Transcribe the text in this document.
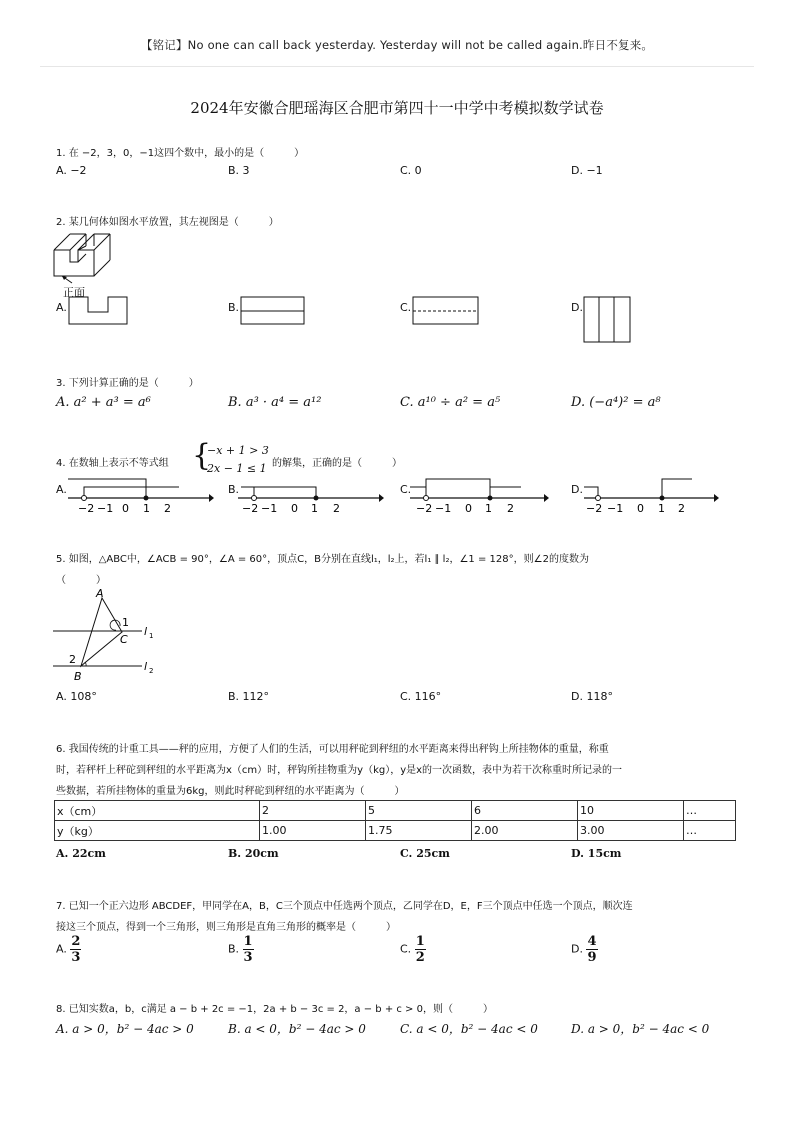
【铭记】No one can call back yesterday. Yesterday will not be called again.昨日不复来。
2024年安徽合肥瑶海区合肥市第四十一中学中考模拟数学试卷
1. 在 −2，3，0，−1这四个数中，最小的是（　　　）
A. −2	B. 3	C. 0	D. −1
2. 某几何体如图水平放置，其左视图是（　　　）
正面
A.	B.	C.	D.
3. 下列计算正确的是（　　　）
A. a² + a³ = a⁶	B. a³ · a⁴ = a¹²	C. a¹⁰ ÷ a² = a⁵	D. (−a⁴)² = a⁸
4. 在数轴上表示不等式组 {
−x + 1 > 3
2x − 1 ≤ 1 的解集，正确的是（　　　）
A.
−2 −1 0 1 2
B.
−2 −1 0 1 2
C.
−2 −1 0 1 2
D.
−2 −1 0 1 2
5. 如图，△ABC中，∠ACB = 90°，∠A = 60°，顶点C，B分别在直线l₁，l₂上，若l₁ ∥ l₂，∠1 = 128°，则∠2的度数为
（　　　）
A
C
B
1
2
l 1
l 2
A. 108°	B. 112°	C. 116°	D. 118°
6. 我国传统的计重工具——秤的应用，方便了人们的生活，可以用秤砣到秤纽的水平距离来得出秤钩上所挂物体的重量，称重
时，若秤杆上秤砣到秤纽的水平距离为x（cm）时，秤钩所挂物重为y（kg），y是x的一次函数，表中为若干次称重时所记录的一
些数据，若所挂物体的重量为6kg，则此时秤砣到秤纽的水平距离为（　　　）
x（cm）	2	5	6	10	…
y（kg）	1.00	1.75	2.00	3.00	…
A. 22cm	B. 20cm	C. 25cm	D. 15cm
7. 已知一个正六边形 ABCDEF，甲同学在A，B，C三个顶点中任选两个顶点，乙同学在D，E，F三个顶点中任选一个顶点，顺次连
接这三个顶点，得到一个三角形，则三角形是直角三角形的概率是（　　　）
A. $\frac{2}{3}$	B. $\frac{1}{3}$	C. $\frac{1}{2}$	D. $\frac{4}{9}$
8. 已知实数a，b，c满足 a − b + 2c = −1，2a + b − 3c = 2，a − b + c > 0，则（　　　）
A. a > 0，b² − 4ac > 0	B. a < 0，b² − 4ac > 0	C. a < 0，b² − 4ac < 0	D. a > 0，b² − 4ac < 0
